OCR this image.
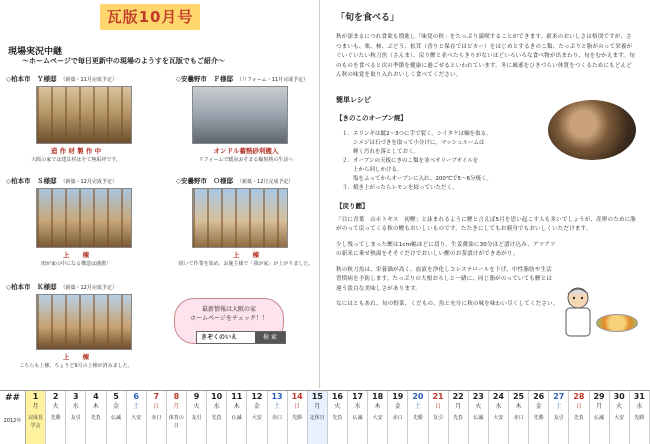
瓦版10月号
現場実況中継
～ホームページで毎日更新中の現場のようすを瓦版でもご紹介～
◇柏本市　Ｙ様邸 （新築・11月完成予定）
造 作 材 製 作 中
大阪の家では建具材は全て無垢材です。
◇安曇野市　Ｆ様邸 （リフォーム・11月完成予定）
オンドル蓄熱砂利搬入
リフォームで暖房おそまる輻射熱の生活へ
◇柏本市　Ｓ様邸 （新築・12月完成予定）
上　　棟
雨が家の中になる構造は感激！
◇安曇野市　Ｏ様邸 （新築・12月完成予定）
上　　棟
続いて作業を始め、お施主様で「我が家」が上がりました。
◇柏本市　Ｋ様邸 （新築・12月完成予定）
上　　棟
こちらも上棟。ちょうど9月の上棟が済みました。
最新情報は大阪の家
ホームページをチェック！！
きぞくのいえ	検 索
「旬を食べる」
秋が深まるにつれ食欲も増進し「味覚の秋」をたっぷり満喫することができます。新米のおいしさは格別ですが、さつまいも、栗、柿、ぶどう、松茸（香りと保存ではピカー）をはじめとするきのこ類、たっぷりと脂がのって栄養がぐいぐいたい秋刀魚（さんま）、戻り鰹と並べたらきりがないほどいろいろな食べ物が出まわり、旬をむかえます。旬のものを食べると次の季節を健康に過ごせるといわれています。冬に風邪をひきづらい体質をつくるためにもどんどん秋の味覚を取り入れおいしく食べてください。
簡単レシピ
【きのこのオーブン焼】
１．エリンギは縦2～3つに手で裂く。シイタケは軸を取る。
　　シメジは石づきを取って小分けに。マッシュルームは
　　軽く汚れを落としておく。
２．オーブンの天板にきのこ類を並べオリーブオイルを
　　上から回しかける。
　　塩をふってからオーブンに入れ、200℃で5～6分焼く。
３．焼き上がったらレモンを絞っていただく。
【戻り鰹】
「目に青葉　山ホトギス　初鰹」と詠まれるように鰹と言えば5月を思い起こす人も多いでしょうが、産卵のために脂がのって戻ってくる秋の鰹もおいしいものです。たたきにしてもお刺身でもおいしくいただけます。
少し残ってしまった鰹は1cm幅ほどに切り、生姜醤油に30分ほど漬け込み、アツアツの新米に乗せ熱湯をそそぐだけでおいしい鰹のお茶漬けができあがり。
秋の秋刀魚は、栄養価が高く、血液を浄化しコレステロールを下げ、中性脂肪や生活習慣病を予防します。たっぷりの大根おろしと一緒に、同じ脂がのっていても鰹とは違う淡白な美味しさがあります。
なにはともあれ、旬の野菜、くだもの、魚と充分に秋の味を味わい尽くしてください。
##
2012年
1
月
完成見学会
2
火
先勝
3
水
友引
4
木
先負
5
金
仏滅
6
土
大安
7
日
赤口
8
月
体育の日
9
火
友引
10
水
先負
11
木
仏滅
12
金
大安
13
土
赤口
14
日
先勝
15
月
定休日
16
火
先負
17
水
仏滅
18
木
大安
19
金
赤口
20
土
先勝
21
日
友引
22
月
先負
23
火
仏滅
24
水
大安
25
木
赤口
26
金
先勝
27
土
友引
28
日
先負
29
月
仏滅
30
火
大安
31
水
先勝
